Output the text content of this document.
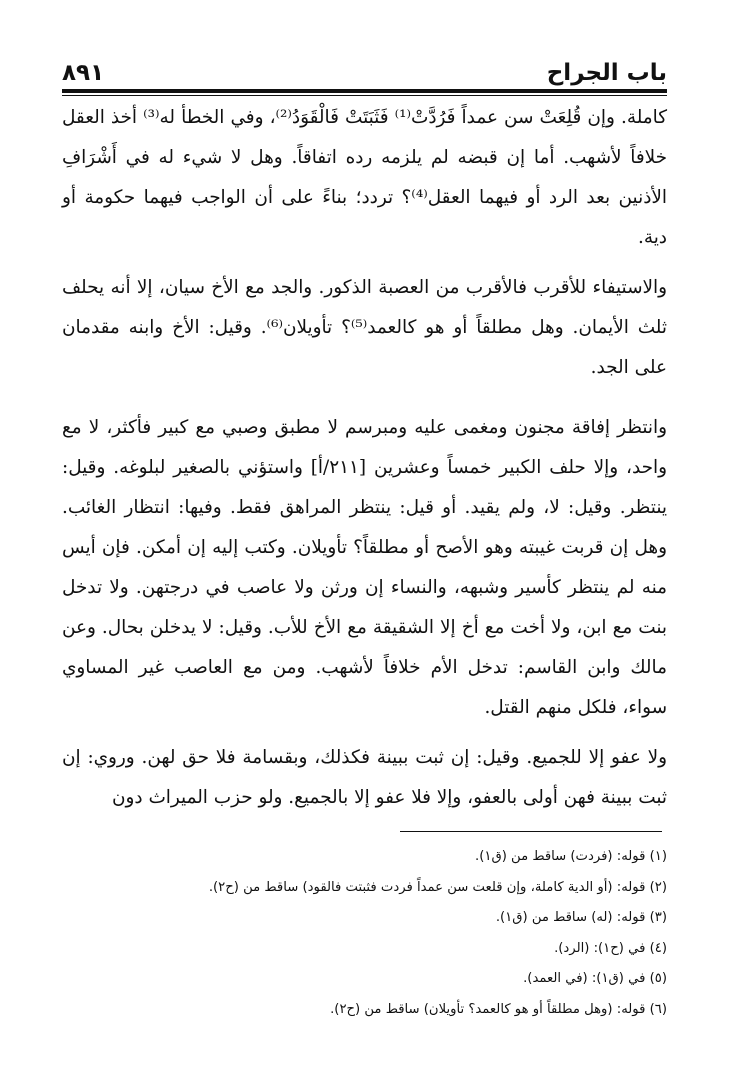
باب الجراح
٨٩١

كاملة. وإن قُلِعَتْ سن عمداً فَرُدَّتْ⁽¹⁾ فَثَبَتَتْ فَالْقَوَدُ⁽²⁾، وفي الخطأ له⁽³⁾ أخذ العقل خلافاً لأشهب. أما إن قبضه لم يلزمه رده اتفاقاً. وهل لا شيء له في أَشْرَافِ الأذنين بعد الرد أو فيهما العقل⁽⁴⁾؟ تردد؛ بناءً على أن الواجب فيهما حكومة أو دية.

والاستيفاء للأقرب فالأقرب من العصبة الذكور. والجد مع الأخ سيان، إلا أنه يحلف ثلث الأيمان. وهل مطلقاً أو هو كالعمد⁽⁵⁾؟ تأويلان⁽⁶⁾. وقيل: الأخ وابنه مقدمان على الجد.

وانتظر إفاقة مجنون ومغمى عليه ومبرسم لا مطبق وصبي مع كبير فأكثر، لا مع واحد، وإلا حلف الكبير خمساً وعشرين [٢١١/أ] واستؤني بالصغير لبلوغه. وقيل: ينتظر. وقيل: لا، ولم يقيد. أو قيل: ينتظر المراهق فقط. وفيها: انتظار الغائب. وهل إن قربت غيبته وهو الأصح أو مطلقاً؟ تأويلان. وكتب إليه إن أمكن. فإن أيس منه لم ينتظر كأسير وشبهه، والنساء إن ورثن ولا عاصب في درجتهن. ولا تدخل بنت مع ابن، ولا أخت مع أخ إلا الشقيقة مع الأخ للأب. وقيل: لا يدخلن بحال. وعن مالك وابن القاسم: تدخل الأم خلافاً لأشهب. ومن مع العاصب غير المساوي سواء، فلكل منهم القتل.

ولا عفو إلا للجميع. وقيل: إن ثبت ببينة فكذلك، وبقسامة فلا حق لهن. وروي: إن ثبت ببينة فهن أولى بالعفو، وإلا فلا عفو إلا بالجميع. ولو حزب الميراث دون

(١) قوله: (فردت) ساقط من (ق١).

(٢) قوله: (أو الدية كاملة، وإن قلعت سن عمداً فردت فثبتت فالقود) ساقط من (ح٢).

(٣) قوله: (له) ساقط من (ق١).

(٤) في (ح١): (الرد).

(٥) في (ق١): (في العمد).

(٦) قوله: (وهل مطلقاً أو هو كالعمد؟ تأويلان) ساقط من (ح٢).
